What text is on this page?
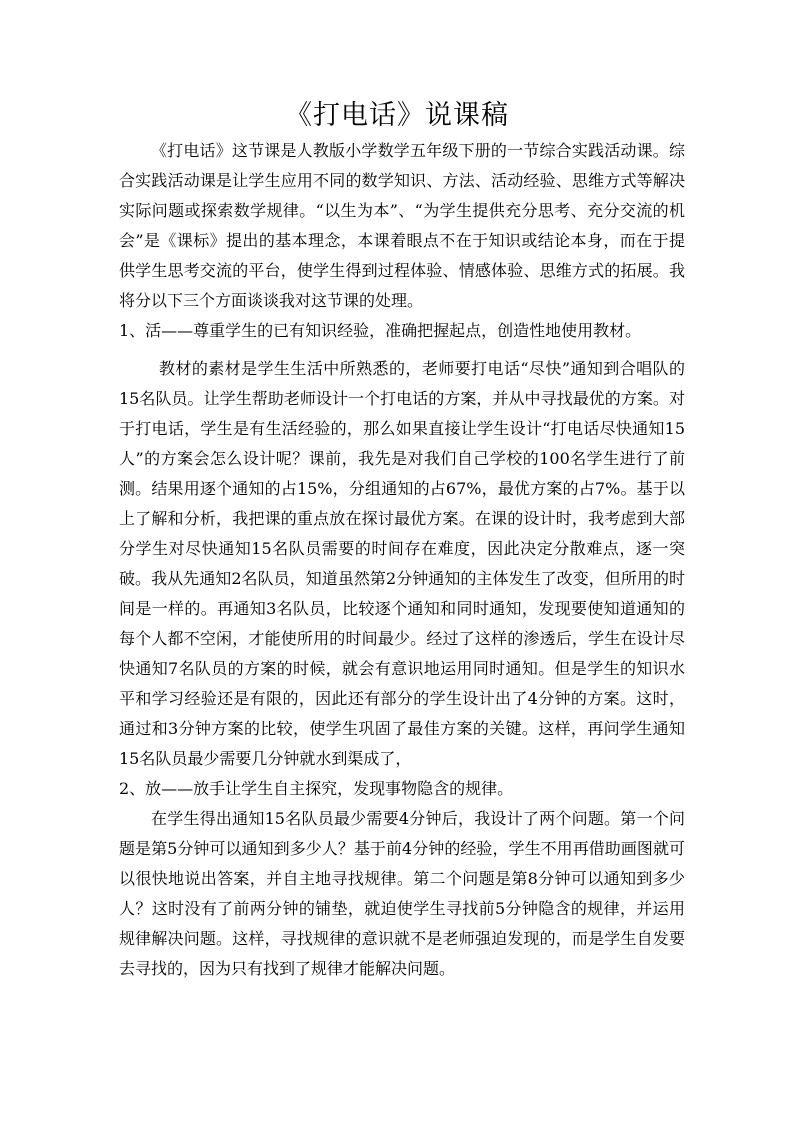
《打电话》说课稿

《打电话》这节课是人教版小学数学五年级下册的一节综合实践活动课。综合实践活动课是让学生应用不同的数学知识、方法、活动经验、思维方式等解决实际问题或探索数学规律。“以生为本”、“为学生提供充分思考、充分交流的机会”是《课标》提出的基本理念，本课着眼点不在于知识或结论本身，而在于提供学生思考交流的平台，使学生得到过程体验、情感体验、思维方式的拓展。我将分以下三个方面谈谈我对这节课的处理。

1、活——尊重学生的已有知识经验，准确把握起点，创造性地使用教材。

教材的素材是学生生活中所熟悉的，老师要打电话“尽快”通知到合唱队的15名队员。让学生帮助老师设计一个打电话的方案，并从中寻找最优的方案。对于打电话，学生是有生活经验的，那么如果直接让学生设计“打电话尽快通知15人”的方案会怎么设计呢？课前，我先是对我们自己学校的100名学生进行了前测。结果用逐个通知的占15%，分组通知的占67%，最优方案的占7%。基于以上了解和分析，我把课的重点放在探讨最优方案。在课的设计时，我考虑到大部分学生对尽快通知15名队员需要的时间存在难度，因此决定分散难点，逐一突破。我从先通知2名队员，知道虽然第2分钟通知的主体发生了改变，但所用的时间是一样的。再通知3名队员，比较逐个通知和同时通知，发现要使知道通知的每个人都不空闲，才能使所用的时间最少。经过了这样的渗透后，学生在设计尽快通知7名队员的方案的时候，就会有意识地运用同时通知。但是学生的知识水平和学习经验还是有限的，因此还有部分的学生设计出了4分钟的方案。这时，通过和3分钟方案的比较，使学生巩固了最佳方案的关键。这样，再问学生通知15名队员最少需要几分钟就水到渠成了，

2、放——放手让学生自主探究，发现事物隐含的规律。

在学生得出通知15名队员最少需要4分钟后，我设计了两个问题。第一个问题是第5分钟可以通知到多少人？基于前4分钟的经验，学生不用再借助画图就可以很快地说出答案，并自主地寻找规律。第二个问题是第8分钟可以通知到多少人？这时没有了前两分钟的铺垫，就迫使学生寻找前5分钟隐含的规律，并运用规律解决问题。这样，寻找规律的意识就不是老师强迫发现的，而是学生自发要去寻找的，因为只有找到了规律才能解决问题。
